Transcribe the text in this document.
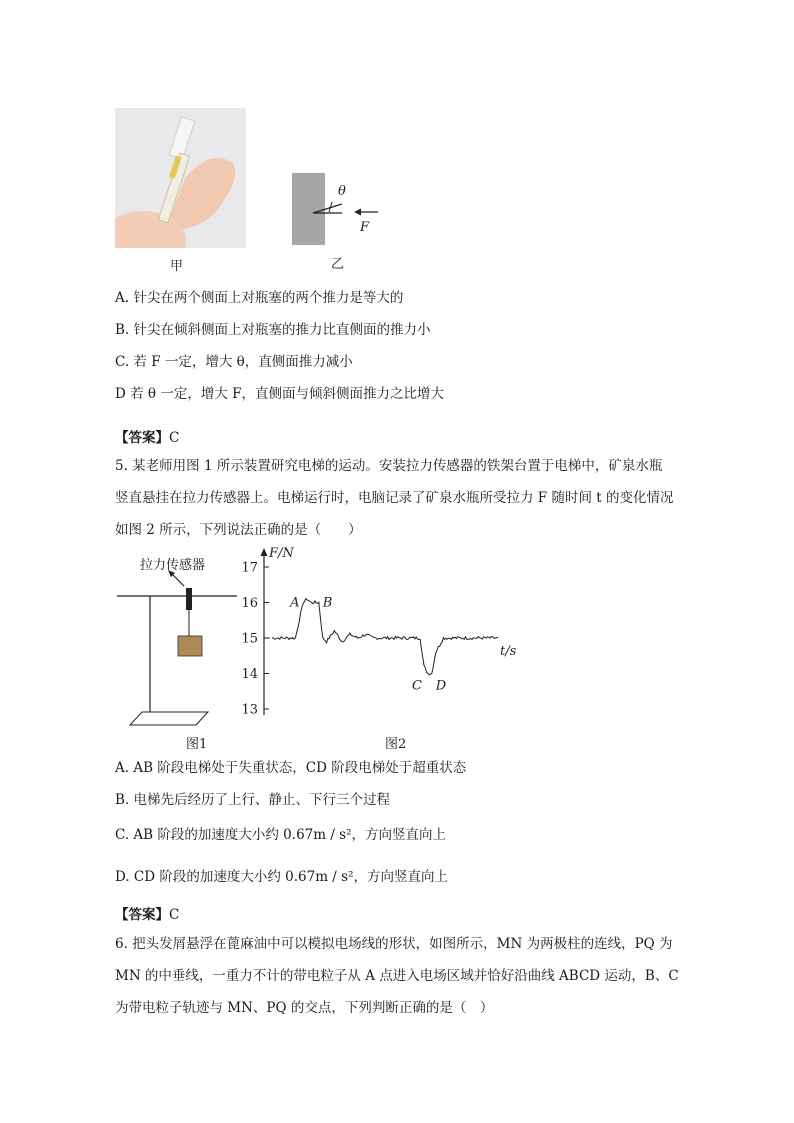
甲
θ
F
乙
A. 针尖在两个侧面上对瓶塞的两个推力是等大的
B. 针尖在倾斜侧面上对瓶塞的推力比直侧面的推力小
C. 若 F 一定，增大 θ，直侧面推力减小
D 若 θ 一定，增大 F，直侧面与倾斜侧面推力之比增大
【答案】C
5. 某老师用图 1 所示装置研究电梯的运动。安装拉力传感器的铁架台置于电梯中，矿泉水瓶
竖直悬挂在拉力传感器上。电梯运行时，电脑记录了矿泉水瓶所受拉力 F 随时间 t 的变化情况
如图 2 所示，下列说法正确的是（　　）
拉力传感器
图1
13
14
15
16
17
F/N
t/s
A B
C D
图2
A. AB 阶段电梯处于失重状态，CD 阶段电梯处于超重状态
B. 电梯先后经历了上行、静止、下行三个过程
C. AB 阶段的加速度大小约 0.67m / s²，方向竖直向上
D. CD 阶段的加速度大小约 0.67m / s²，方向竖直向上
【答案】C
6. 把头发屑悬浮在蓖麻油中可以模拟电场线的形状，如图所示，MN 为两极柱的连线，PQ 为
MN 的中垂线，一重力不计的带电粒子从 A 点进入电场区域并恰好沿曲线 ABCD 运动，B、C
为带电粒子轨迹与 MN、PQ 的交点，下列判断正确的是（　）
